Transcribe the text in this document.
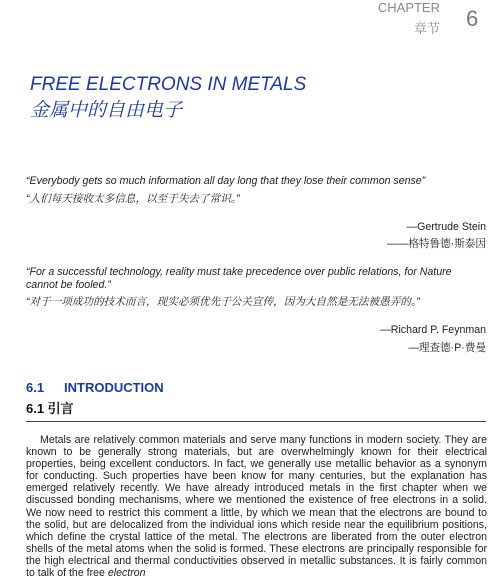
CHAPTER
章节 6
FREE ELECTRONS IN METALS
金属中的自由电子
“Everybody gets so much information all day long that they lose their common sense”
“人们每天接收太多信息，以至于失去了常识。”
—Gertrude Stein
——格特鲁德·斯泰因
“For a successful technology, reality must take precedence over public relations, for Nature cannot be fooled.”
“对于一项成功的技术而言，现实必须优先于公关宣传，因为大自然是无法被愚弄的。”
—Richard P. Feynman
—理查德·P·费曼
6.1 INTRODUCTION
6.1 引言

Metals are relatively common materials and serve many functions in modern society. They are known to be generally strong materials, but are overwhelmingly known for their electrical properties, being excellent conductors. In fact, we generally use metallic behavior as a synonym for conducting. Such properties have been know for many centuries, but the explanation has emerged relatively recently. We have already introduced metals in the first chapter when we discussed bonding mechanisms, where we mentioned the existence of free electrons in a solid. We now need to restrict this comment a little, by which we mean that the electrons are bound to the solid, but are delocalized from the individual ions which reside near the equilibrium positions, which define the crystal lattice of the metal. The electrons are liberated from the outer electron shells of the metal atoms when the solid is formed. These electrons are principally responsible for the high electrical and thermal conductivities observed in metallic substances. It is fairly common to talk of the free electron
